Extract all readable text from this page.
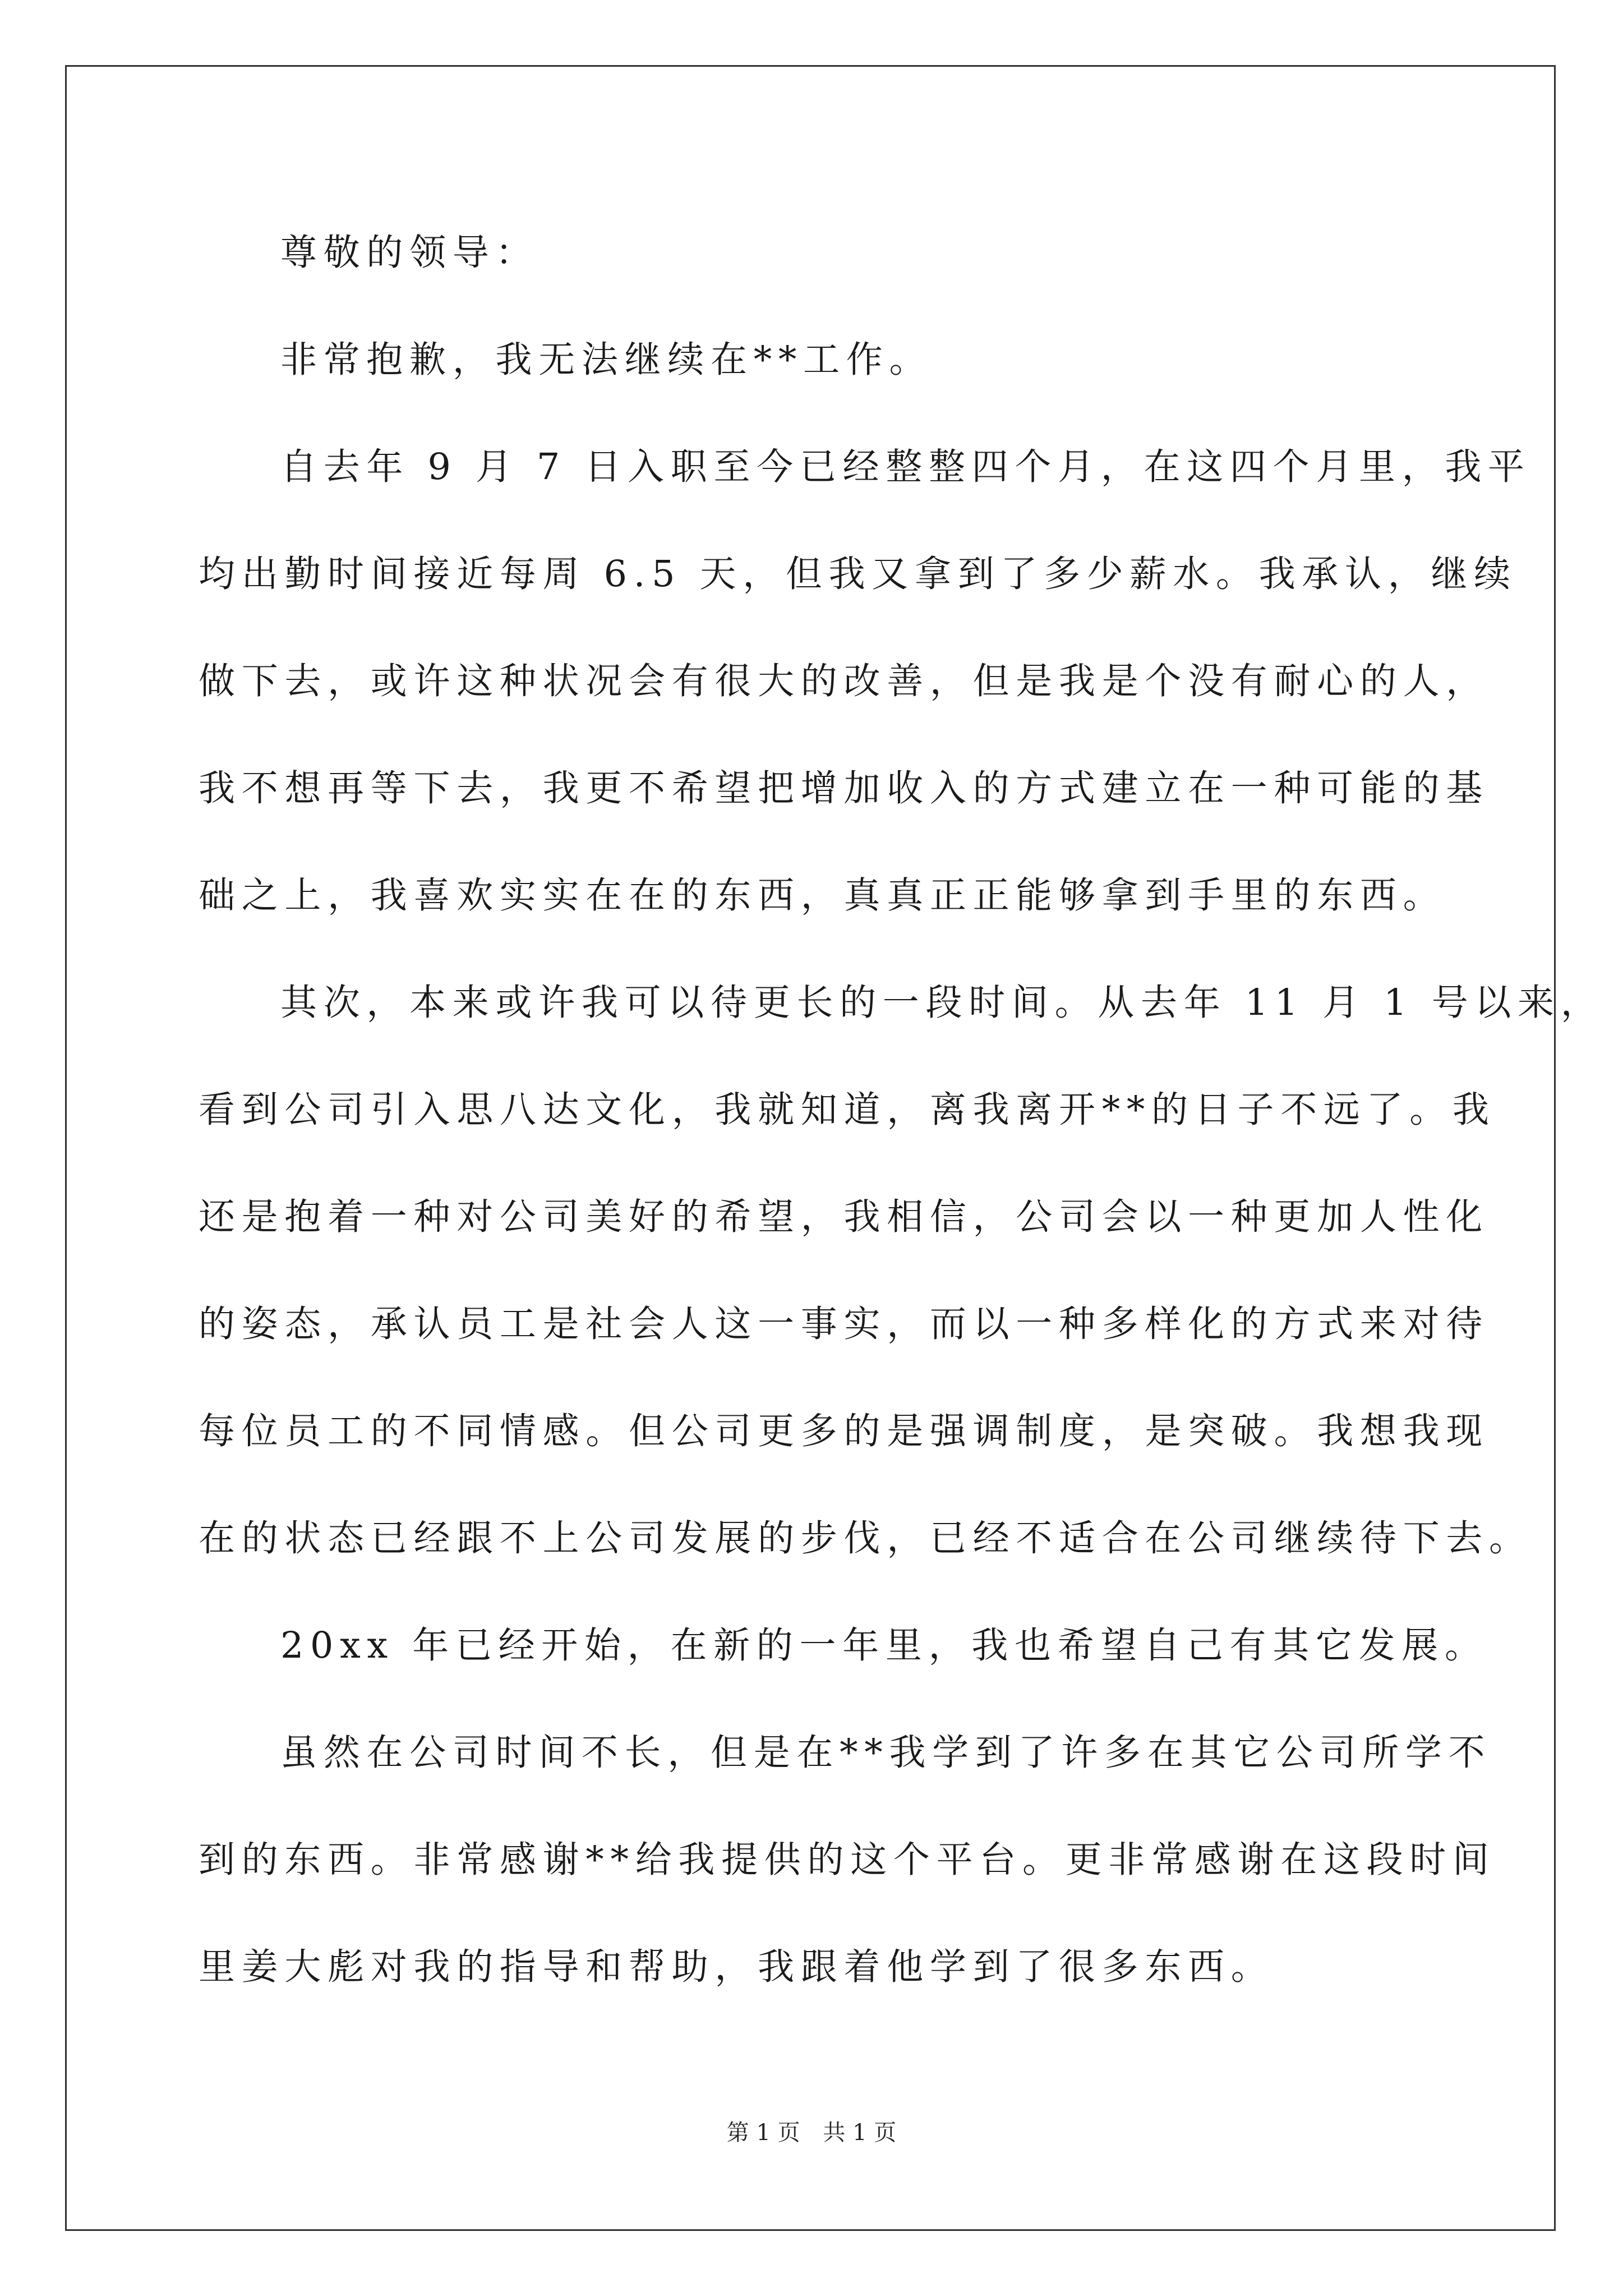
尊敬的领导：
非常抱歉，我无法继续在**工作。
自去年 9 月 7 日入职至今已经整整四个月，在这四个月里，我平
均出勤时间接近每周 6.5 天，但我又拿到了多少薪水。我承认，继续
做下去，或许这种状况会有很大的改善，但是我是个没有耐心的人，
我不想再等下去，我更不希望把增加收入的方式建立在一种可能的基
础之上，我喜欢实实在在的东西，真真正正能够拿到手里的东西。
其次，本来或许我可以待更长的一段时间。从去年 11 月 1 号以来，
看到公司引入思八达文化，我就知道，离我离开**的日子不远了。我
还是抱着一种对公司美好的希望，我相信，公司会以一种更加人性化
的姿态，承认员工是社会人这一事实，而以一种多样化的方式来对待
每位员工的不同情感。但公司更多的是强调制度，是突破。我想我现
在的状态已经跟不上公司发展的步伐，已经不适合在公司继续待下去。
20xx 年已经开始，在新的一年里，我也希望自己有其它发展。
虽然在公司时间不长，但是在**我学到了许多在其它公司所学不
到的东西。非常感谢**给我提供的这个平台。更非常感谢在这段时间
里姜大彪对我的指导和帮助，我跟着他学到了很多东西。
第 1 页 共 1 页
